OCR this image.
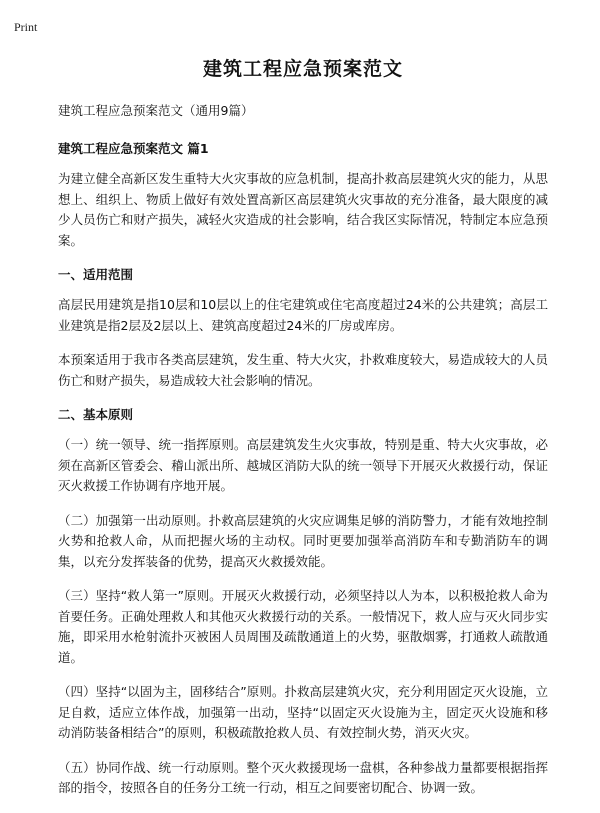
Print
建筑工程应急预案范文

建筑工程应急预案范文（通用9篇）

建筑工程应急预案范文 篇1

为建立健全高新区发生重特大火灾事故的应急机制，提高扑救高层建筑火灾的能力，从思想上、组织上、物质上做好有效处置高新区高层建筑火灾事故的充分准备，最大限度的减少人员伤亡和财产损失，减轻火灾造成的社会影响，结合我区实际情况，特制定本应急预案。

一、适用范围

高层民用建筑是指10层和10层以上的住宅建筑或住宅高度超过24米的公共建筑；高层工业建筑是指2层及2层以上、建筑高度超过24米的厂房或库房。

本预案适用于我市各类高层建筑，发生重、特大火灾，扑救难度较大，易造成较大的人员伤亡和财产损失，易造成较大社会影响的情况。

二、基本原则

（一）统一领导、统一指挥原则。高层建筑发生火灾事故，特别是重、特大火灾事故，必须在高新区管委会、稽山派出所、越城区消防大队的统一领导下开展灭火救援行动，保证灭火救援工作协调有序地开展。

（二）加强第一出动原则。扑救高层建筑的火灾应调集足够的消防警力，才能有效地控制火势和抢救人命，从而把握火场的主动权。同时更要加强举高消防车和专勤消防车的调集，以充分发挥装备的优势，提高灭火救援效能。

（三）坚持“救人第一”原则。开展灭火救援行动，必须坚持以人为本，以积极抢救人命为首要任务。正确处理救人和其他灭火救援行动的关系。一般情况下，救人应与灭火同步实施，即采用水枪射流扑灭被困人员周围及疏散通道上的火势，驱散烟雾，打通救人疏散通道。

（四）坚持“以固为主，固移结合”原则。扑救高层建筑火灾，充分利用固定灭火设施，立足自救，适应立体作战，加强第一出动，坚持“以固定灭火设施为主，固定灭火设施和移动消防装备相结合”的原则，积极疏散抢救人员、有效控制火势，消灭火灾。

（五）协同作战、统一行动原则。整个灭火救援现场一盘棋，各种参战力量都要根据指挥部的指令，按照各自的任务分工统一行动，相互之间要密切配合、协调一致。
